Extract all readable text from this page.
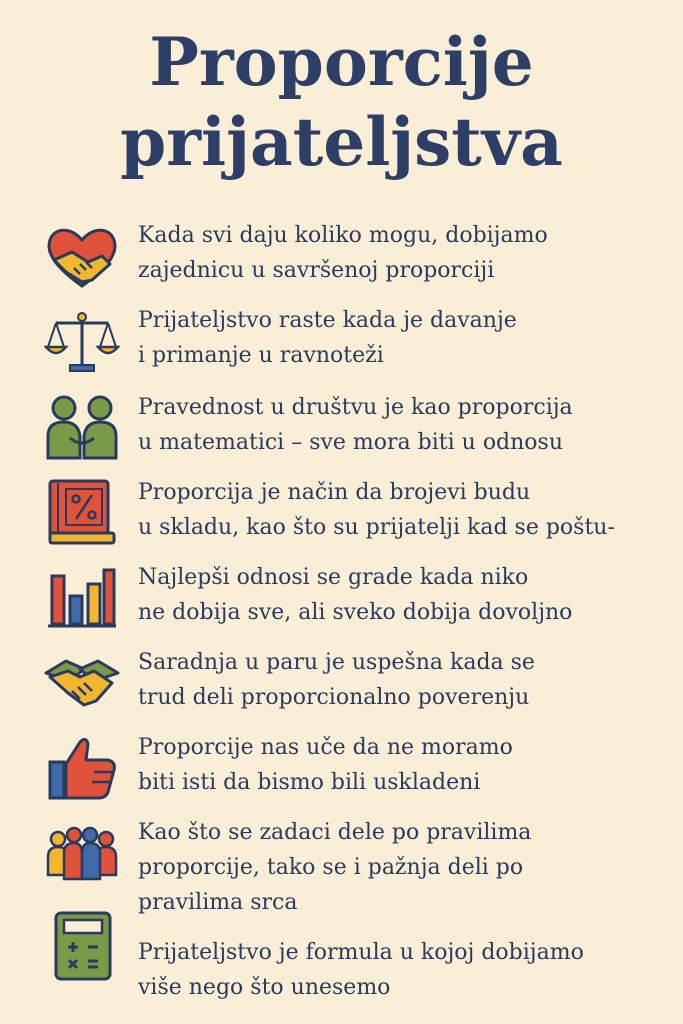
Proporcije
prijateljstva
Kada svi daju koliko mogu, dobijamo
zajednicu u savršenoj proporciji
Prijateljstvo raste kada je davanje
i primanje u ravnoteži
Pravednost u društvu je kao proporcija
u matematici – sve mora biti u odnosu
Proporcija je način da brojevi budu
u skladu, kao što su prijatelji kad se poštu-
Najlepši odnosi se grade kada niko
ne dobija sve, ali sveko dobija dovoljno
Saradnja u paru je uspešna kada se
trud deli proporcionalno poverenju
Proporcije nas uče da ne moramo
biti isti da bismo bili uskladeni
Kao što se zadaci dele po pravilima
proporcije, tako se i pažnja deli po
pravilima srca
Prijateljstvo je formula u kojoj dobijamo
više nego što unesemo
